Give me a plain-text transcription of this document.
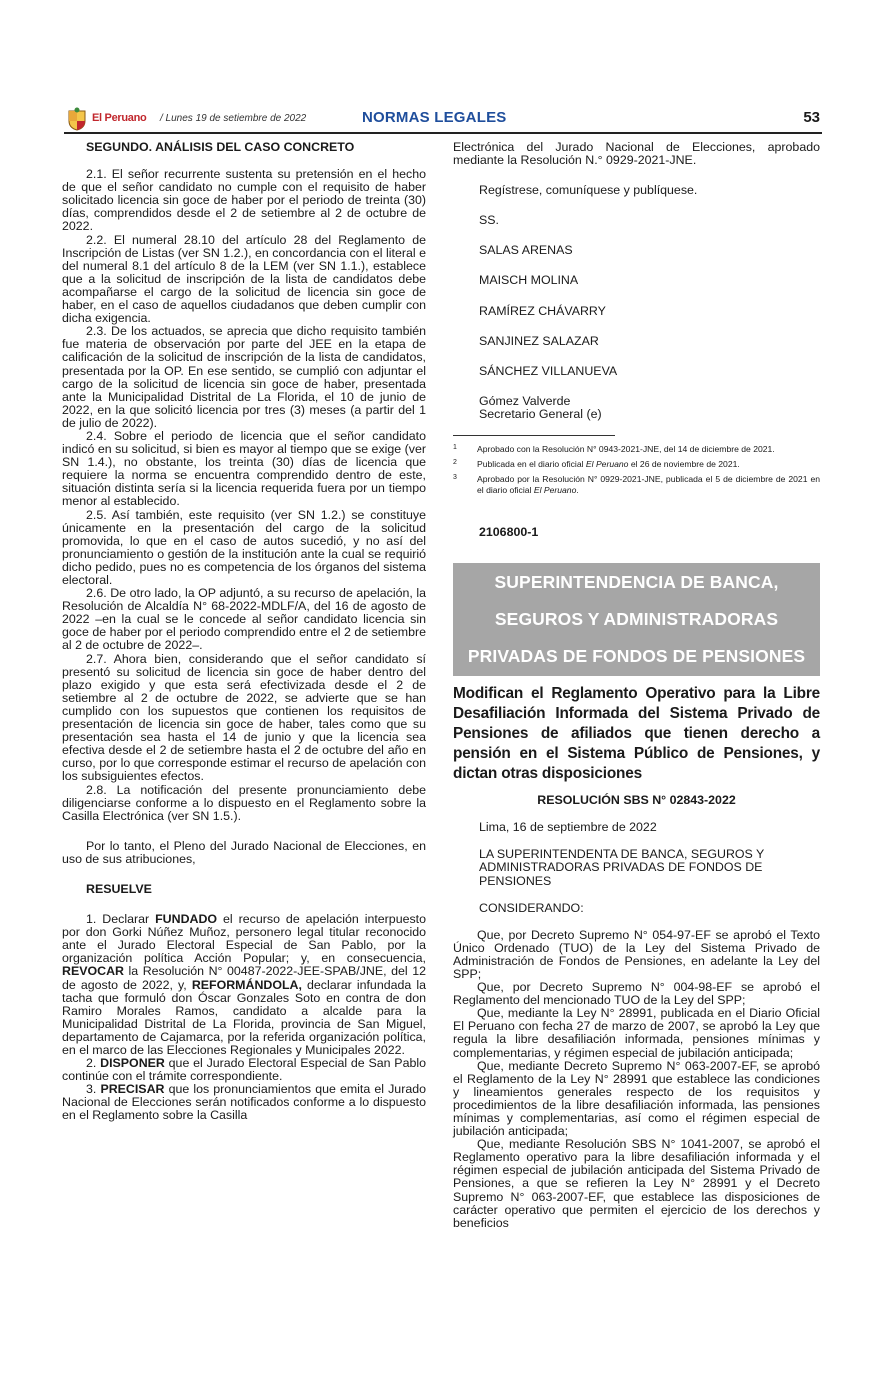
El Peruano / Lunes 19 de setiembre de 2022	NORMAS LEGALES	53

SEGUNDO. ANÁLISIS DEL CASO CONCRETO

2.1. El señor recurrente sustenta su pretensión en el hecho de que el señor candidato no cumple con el requisito de haber solicitado licencia sin goce de haber por el periodo de treinta (30) días, comprendidos desde el 2 de setiembre al 2 de octubre de 2022.

2.2. El numeral 28.10 del artículo 28 del Reglamento de Inscripción de Listas (ver SN 1.2.), en concordancia con el literal e del numeral 8.1 del artículo 8 de la LEM (ver SN 1.1.), establece que a la solicitud de inscripción de la lista de candidatos debe acompañarse el cargo de la solicitud de licencia sin goce de haber, en el caso de aquellos ciudadanos que deben cumplir con dicha exigencia.

2.3. De los actuados, se aprecia que dicho requisito también fue materia de observación por parte del JEE en la etapa de calificación de la solicitud de inscripción de la lista de candidatos, presentada por la OP. En ese sentido, se cumplió con adjuntar el cargo de la solicitud de licencia sin goce de haber, presentada ante la Municipalidad Distrital de La Florida, el 10 de junio de 2022, en la que solicitó licencia por tres (3) meses (a partir del 1 de julio de 2022).

2.4. Sobre el periodo de licencia que el señor candidato indicó en su solicitud, si bien es mayor al tiempo que se exige (ver SN 1.4.), no obstante, los treinta (30) días de licencia que requiere la norma se encuentra comprendido dentro de este, situación distinta sería si la licencia requerida fuera por un tiempo menor al establecido.

2.5. Así también, este requisito (ver SN 1.2.) se constituye únicamente en la presentación del cargo de la solicitud promovida, lo que en el caso de autos sucedió, y no así del pronunciamiento o gestión de la institución ante la cual se requirió dicho pedido, pues no es competencia de los órganos del sistema electoral.

2.6. De otro lado, la OP adjuntó, a su recurso de apelación, la Resolución de Alcaldía N° 68-2022-MDLF/A, del 16 de agosto de 2022 –en la cual se le concede al señor candidato licencia sin goce de haber por el periodo comprendido entre el 2 de setiembre al 2 de octubre de 2022–.

2.7. Ahora bien, considerando que el señor candidato sí presentó su solicitud de licencia sin goce de haber dentro del plazo exigido y que esta será efectivizada desde el 2 de setiembre al 2 de octubre de 2022, se advierte que se han cumplido con los supuestos que contienen los requisitos de presentación de licencia sin goce de haber, tales como que su presentación sea hasta el 14 de junio y que la licencia sea efectiva desde el 2 de setiembre hasta el 2 de octubre del año en curso, por lo que corresponde estimar el recurso de apelación con los subsiguientes efectos.

2.8. La notificación del presente pronunciamiento debe diligenciarse conforme a lo dispuesto en el Reglamento sobre la Casilla Electrónica (ver SN 1.5.).

Por lo tanto, el Pleno del Jurado Nacional de Elecciones, en uso de sus atribuciones,

RESUELVE

1. Declarar FUNDADO el recurso de apelación interpuesto por don Gorki Núñez Muñoz, personero legal titular reconocido ante el Jurado Electoral Especial de San Pablo, por la organización política Acción Popular; y, en consecuencia, REVOCAR la Resolución N° 00487-2022-JEE-SPAB/JNE, del 12 de agosto de 2022, y, REFORMÁNDOLA, declarar infundada la tacha que formuló don Óscar Gonzales Soto en contra de don Ramiro Morales Ramos, candidato a alcalde para la Municipalidad Distrital de La Florida, provincia de San Miguel, departamento de Cajamarca, por la referida organización política, en el marco de las Elecciones Regionales y Municipales 2022.

2. DISPONER que el Jurado Electoral Especial de San Pablo continúe con el trámite correspondiente.

3. PRECISAR que los pronunciamientos que emita el Jurado Nacional de Elecciones serán notificados conforme a lo dispuesto en el Reglamento sobre la Casilla

Electrónica del Jurado Nacional de Elecciones, aprobado mediante la Resolución N.° 0929-2021-JNE.

Regístrese, comuníquese y publíquese.

SS.

SALAS ARENAS

MAISCH MOLINA

RAMÍREZ CHÁVARRY

SANJINEZ SALAZAR

SÁNCHEZ VILLANUEVA

Gómez Valverde

Secretario General (e)

1 Aprobado con la Resolución N° 0943-2021-JNE, del 14 de diciembre de 2021.

2 Publicada en el diario oficial El Peruano el 26 de noviembre de 2021.

3 Aprobado por la Resolución N° 0929-2021-JNE, publicada el 5 de diciembre de 2021 en el diario oficial El Peruano.

2106800-1

SUPERINTENDENCIA DE BANCA,
SEGUROS Y ADMINISTRADORAS
PRIVADAS DE FONDOS DE PENSIONES

Modifican el Reglamento Operativo para la Libre Desafiliación Informada del Sistema Privado de Pensiones de afiliados que tienen derecho a pensión en el Sistema Público de Pensiones, y dictan otras disposiciones

RESOLUCIÓN SBS N° 02843-2022

Lima, 16 de septiembre de 2022

LA SUPERINTENDENTA DE BANCA, SEGUROS Y ADMINISTRADORAS PRIVADAS DE FONDOS DE PENSIONES

CONSIDERANDO:

Que, por Decreto Supremo N° 054-97-EF se aprobó el Texto Único Ordenado (TUO) de la Ley del Sistema Privado de Administración de Fondos de Pensiones, en adelante la Ley del SPP;

Que, por Decreto Supremo N° 004-98-EF se aprobó el Reglamento del mencionado TUO de la Ley del SPP;

Que, mediante la Ley N° 28991, publicada en el Diario Oficial El Peruano con fecha 27 de marzo de 2007, se aprobó la Ley que regula la libre desafiliación informada, pensiones mínimas y complementarias, y régimen especial de jubilación anticipada;

Que, mediante Decreto Supremo N° 063-2007-EF, se aprobó el Reglamento de la Ley N° 28991 que establece las condiciones y lineamientos generales respecto de los requisitos y procedimientos de la libre desafiliación informada, las pensiones mínimas y complementarias, así como el régimen especial de jubilación anticipada;

Que, mediante Resolución SBS N° 1041-2007, se aprobó el Reglamento operativo para la libre desafiliación informada y el régimen especial de jubilación anticipada del Sistema Privado de Pensiones, a que se refieren la Ley N° 28991 y el Decreto Supremo N° 063-2007-EF, que establece las disposiciones de carácter operativo que permiten el ejercicio de los derechos y beneficios
